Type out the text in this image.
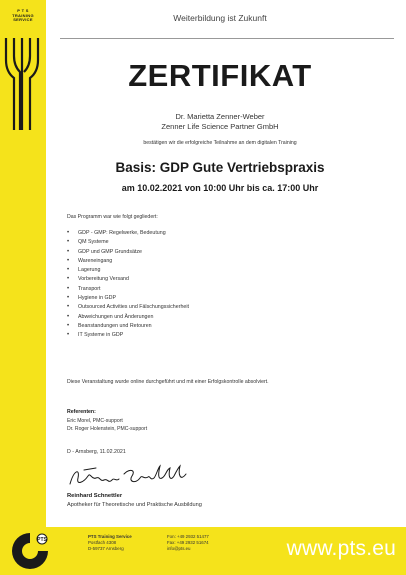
P T S
TRAINING
SERVICE	Weiterbildung ist Zukunft
ZERTIFIKAT
Dr. Marietta Zenner-Weber
Zenner Life Science Partner GmbH
bestätigen wir die erfolgreiche Teilnahme an dem digitalen Training
Basis: GDP Gute Vertriebspraxis
am 10.02.2021 von 10:00 Uhr bis ca. 17:00 Uhr
Das Programm war wie folgt gegliedert:
• GDP - GMP: Regelwerke, Bedeutung
• QM Systeme
• GDP und GMP Grundsätze
• Wareneingang
• Lagerung
• Vorbereitung Versand
• Transport
• Hygiene in GDP
• Outsourced Activities und Fälschungssicherheit
• Abweichungen und Änderungen
• Beanstandungen und Retouren
• IT Systeme in GDP
Diese Veranstaltung wurde online durchgeführt und mit einer Erfolgskontrolle absolviert.
Referenten:
Eric Morel, PMC-support
Dr. Roger Holenstein, PMC-support
D - Arnsberg, 11.02.2021
Reinhard Schnettler
Apotheker für Theoretische und Praktische Ausbildung
PTS
PTS Training Service
Postfach 4308
D-59737 Arnsberg
Fon: +49 2932 51477
Fax: +49 2932 51674
info@pts.eu	www.pts.eu
